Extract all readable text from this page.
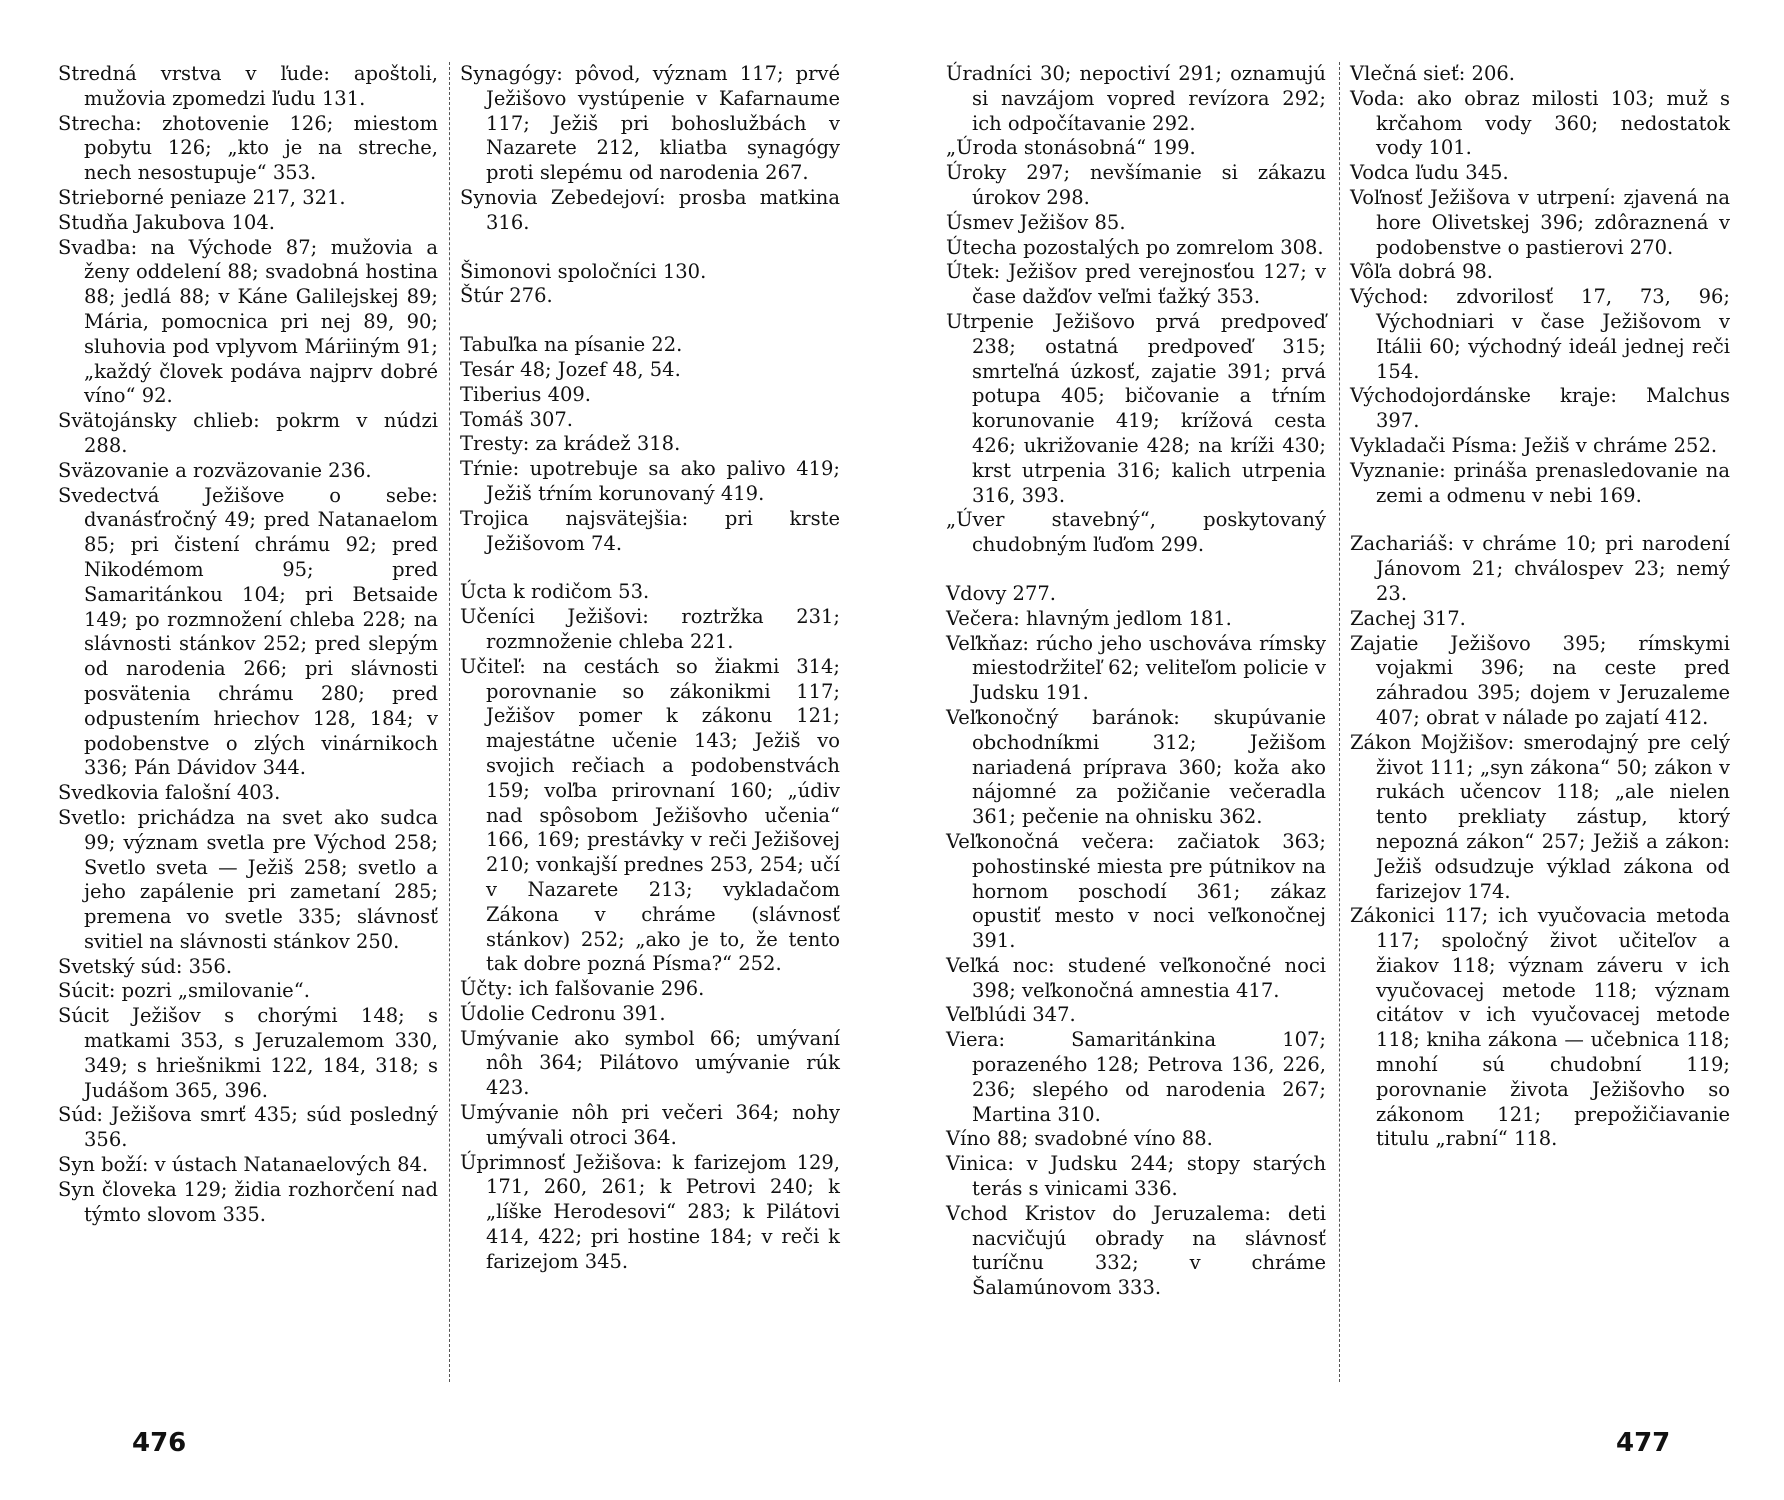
Stredná vrstva v ľude: apoštoli, mužovia zpomedzi ľudu 131.

Strecha: zhotovenie 126; miestom pobytu 126; „kto je na streche, nech nesostupuje“ 353.

Strieborné peniaze 217, 321.

Studňa Jakubova 104.

Svadba: na Východe 87; mužovia a ženy oddelení 88; svadobná hostina 88; jedlá 88; v Káne Galilejskej 89; Mária, pomocnica pri nej 89, 90; sluhovia pod vplyvom Máriiným 91; „každý človek podáva najprv dobré víno“ 92.

Svätojánsky chlieb: pokrm v núdzi 288.

Sväzovanie a rozväzovanie 236.

Svedectvá Ježišove o sebe: dvanásťročný 49; pred Natanaelom 85; pri čistení chrámu 92; pred Nikodémom 95; pred Samaritánkou 104; pri Betsaide 149; po rozmnožení chleba 228; na slávnosti stánkov 252; pred slepým od narodenia 266; pri slávnosti posvätenia chrámu 280; pred odpustením hriechov 128, 184; v podobenstve o zlých vinárnikoch 336; Pán Dávidov 344.

Svedkovia falošní 403.

Svetlo: prichádza na svet ako sudca 99; význam svetla pre Východ 258; Svetlo sveta — Ježiš 258; svetlo a jeho zapálenie pri zametaní 285; premena vo svetle 335; slávnosť svitiel na slávnosti stánkov 250.

Svetský súd: 356.

Súcit: pozri „smilovanie“.

Súcit Ježišov s chorými 148; s matkami 353, s Jeruzalemom 330, 349; s hriešnikmi 122, 184, 318; s Judášom 365, 396.

Súd: Ježišova smrť 435; súd posledný 356.

Syn boží: v ústach Natanaelových 84.

Syn človeka 129; židia rozhorčení nad týmto slovom 335.

Synagógy: pôvod, význam 117; prvé Ježišovo vystúpenie v Kafarnaume 117; Ježiš pri bohoslužbách v Nazarete 212, kliatba synagógy proti slepému od narodenia 267.

Synovia Zebedejoví: prosba matkina 316.

Šimonovi spoločníci 130.

Štúr 276.

Tabuľka na písanie 22.

Tesár 48; Jozef 48, 54.

Tiberius 409.

Tomáš 307.

Tresty: za krádež 318.

Tŕnie: upotrebuje sa ako palivo 419; Ježiš tŕním korunovaný 419.

Trojica najsvätejšia: pri krste Ježišovom 74.

Úcta k rodičom 53.

Učeníci Ježišovi: roztržka 231; rozmnoženie chleba 221.

Učiteľ: na cestách so žiakmi 314; porovnanie so zákonikmi 117; Ježišov pomer k zákonu 121; majestátne učenie 143; Ježiš vo svojich rečiach a podobenstvách 159; voľba prirovnaní 160; „údiv nad spôsobom Ježišovho učenia“ 166, 169; prestávky v reči Ježišovej 210; vonkajší prednes 253, 254; učí v Nazarete 213; vykladačom Zákona v chráme (slávnosť stánkov) 252; „ako je to, že tento tak dobre pozná Písma?“ 252.

Účty: ich falšovanie 296.

Údolie Cedronu 391.

Umývanie ako symbol 66; umývaní nôh 364; Pilátovo umývanie rúk 423.

Umývanie nôh pri večeri 364; nohy umývali otroci 364.

Úprimnosť Ježišova: k farizejom 129, 171, 260, 261; k Petrovi 240; k „líške Herodesovi“ 283; k Pilátovi 414, 422; pri hostine 184; v reči k farizejom 345.

476

Úradníci 30; nepoctiví 291; oznamujú si navzájom vopred revízora 292; ich odpočítavanie 292.

„Úroda stonásobná“ 199.

Úroky 297; nevšímanie si zákazu úrokov 298.

Úsmev Ježišov 85.

Útecha pozostalých po zomrelom 308.

Útek: Ježišov pred verejnosťou 127; v čase dažďov veľmi ťažký 353.

Utrpenie Ježišovo prvá predpoveď 238; ostatná predpoveď 315; smrteľná úzkosť, zajatie 391; prvá potupa 405; bičovanie a tŕním korunovanie 419; krížová cesta 426; ukrižovanie 428; na kríži 430; krst utrpenia 316; kalich utrpenia 316, 393.

„Úver stavebný“, poskytovaný chudobným ľuďom 299.

Vdovy 277.

Večera: hlavným jedlom 181.

Veľkňaz: rúcho jeho uschováva rímsky miestodržiteľ 62; veliteľom policie v Judsku 191.

Veľkonočný baránok: skupúvanie obchodníkmi 312; Ježišom nariadená príprava 360; koža ako nájomné za požičanie večeradla 361; pečenie na ohnisku 362.

Veľkonočná večera: začiatok 363; pohostinské miesta pre pútnikov na hornom poschodí 361; zákaz opustiť mesto v noci veľkonočnej 391.

Veľká noc: studené veľkonočné noci 398; veľkonočná amnestia 417.

Veľblúdi 347.

Viera: Samaritánkina 107; porazeného 128; Petrova 136, 226, 236; slepého od narodenia 267; Martina 310.

Víno 88; svadobné víno 88.

Vinica: v Judsku 244; stopy starých terás s vinicami 336.

Vchod Kristov do Jeruzalema: deti nacvičujú obrady na slávnosť turíčnu 332; v chráme Šalamúnovom 333.

Vlečná sieť: 206.

Voda: ako obraz milosti 103; muž s krčahom vody 360; nedostatok vody 101.

Vodca ľudu 345.

Voľnosť Ježišova v utrpení: zjavená na hore Olivetskej 396; zdôraznená v podobenstve o pastierovi 270.

Vôľa dobrá 98.

Východ: zdvorilosť 17, 73, 96; Východniari v čase Ježišovom v Itálii 60; východný ideál jednej reči 154.

Východojordánske kraje: Malchus 397.

Vykladači Písma: Ježiš v chráme 252.

Vyznanie: prináša prenasledovanie na zemi a odmenu v nebi 169.

Zachariáš: v chráme 10; pri narodení Jánovom 21; chválospev 23; nemý 23.

Zachej 317.

Zajatie Ježišovo 395; rímskymi vojakmi 396; na ceste pred záhradou 395; dojem v Jeruzaleme 407; obrat v nálade po zajatí 412.

Zákon Mojžišov: smerodajný pre celý život 111; „syn zákona“ 50; zákon v rukách učencov 118; „ale nielen tento prekliaty zástup, ktorý nepozná zákon“ 257; Ježiš a zákon: Ježiš odsudzuje výklad zákona od farizejov 174.

Zákonici 117; ich vyučovacia metoda 117; spoločný život učiteľov a žiakov 118; význam záveru v ich vyučovacej metode 118; význam citátov v ich vyučovacej metode 118; kniha zákona — učebnica 118; mnohí sú chudobní 119; porovnanie života Ježišovho so zákonom 121; prepožičiavanie titulu „rabní“ 118.

477
